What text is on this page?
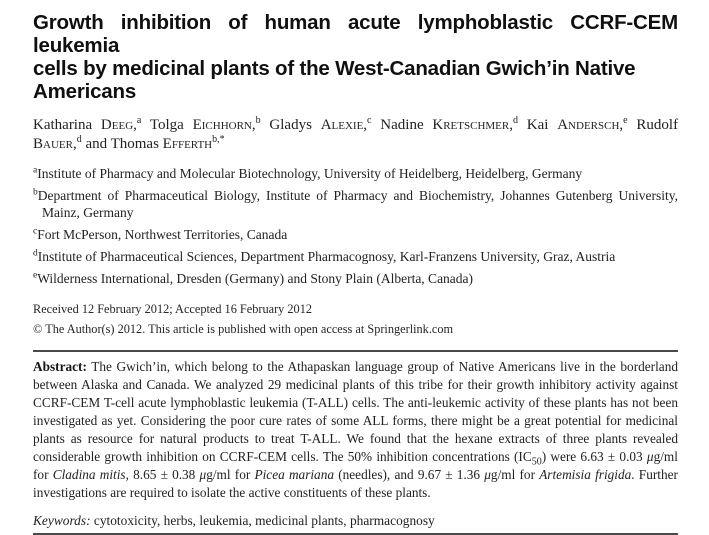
Growth inhibition of human acute lymphoblastic CCRF-CEM leukemia
cells by medicinal plants of the West-Canadian Gwich’in Native Americans

Katharina Deeg,$^a$ Tolga Eichhorn,$^b$ Gladys Alexie,$^c$ Nadine Kretschmer,$^d$ Kai Andersch,$^e$ Rudolf Bauer,$^d$ and Thomas Efferth$^{b,*}$

$^a$Institute of Pharmacy and Molecular Biotechnology, University of Heidelberg, Heidelberg, Germany

$^b$Department of Pharmaceutical Biology, Institute of Pharmacy and Biochemistry, Johannes Gutenberg University, Mainz, Germany

$^c$Fort McPerson, Northwest Territories, Canada

$^d$Institute of Pharmaceutical Sciences, Department Pharmacognosy, Karl-Franzens University, Graz, Austria

$^e$Wilderness International, Dresden (Germany) and Stony Plain (Alberta, Canada)

Received 12 February 2012; Accepted 16 February 2012
© The Author(s) 2012. This article is published with open access at Springerlink.com

Abstract: The Gwich’in, which belong to the Athapaskan language group of Native Americans live in the borderland between Alaska and Canada. We analyzed 29 medicinal plants of this tribe for their growth inhibitory activity against CCRF-CEM T-cell acute lymphoblastic leukemia (T-ALL) cells. The anti-leukemic activity of these plants has not been investigated as yet. Considering the poor cure rates of some ALL forms, there might be a great potential for medicinal plants as resource for natural products to treat T-ALL. We found that the hexane extracts of three plants revealed considerable growth inhibition on CCRF-CEM cells. The 50% inhibition concentrations $(IC_{50})$ were 6.63 ± 0.03 μg/ml for Cladina mitis, 8.65 ± 0.38 μg/ml for Picea mariana (needles), and 9.67 ± 1.36 μg/ml for Artemisia frigida. Further investigations are required to isolate the active constituents of these plants.

Keywords: cytotoxicity, herbs, leukemia, medicinal plants, pharmacognosy
